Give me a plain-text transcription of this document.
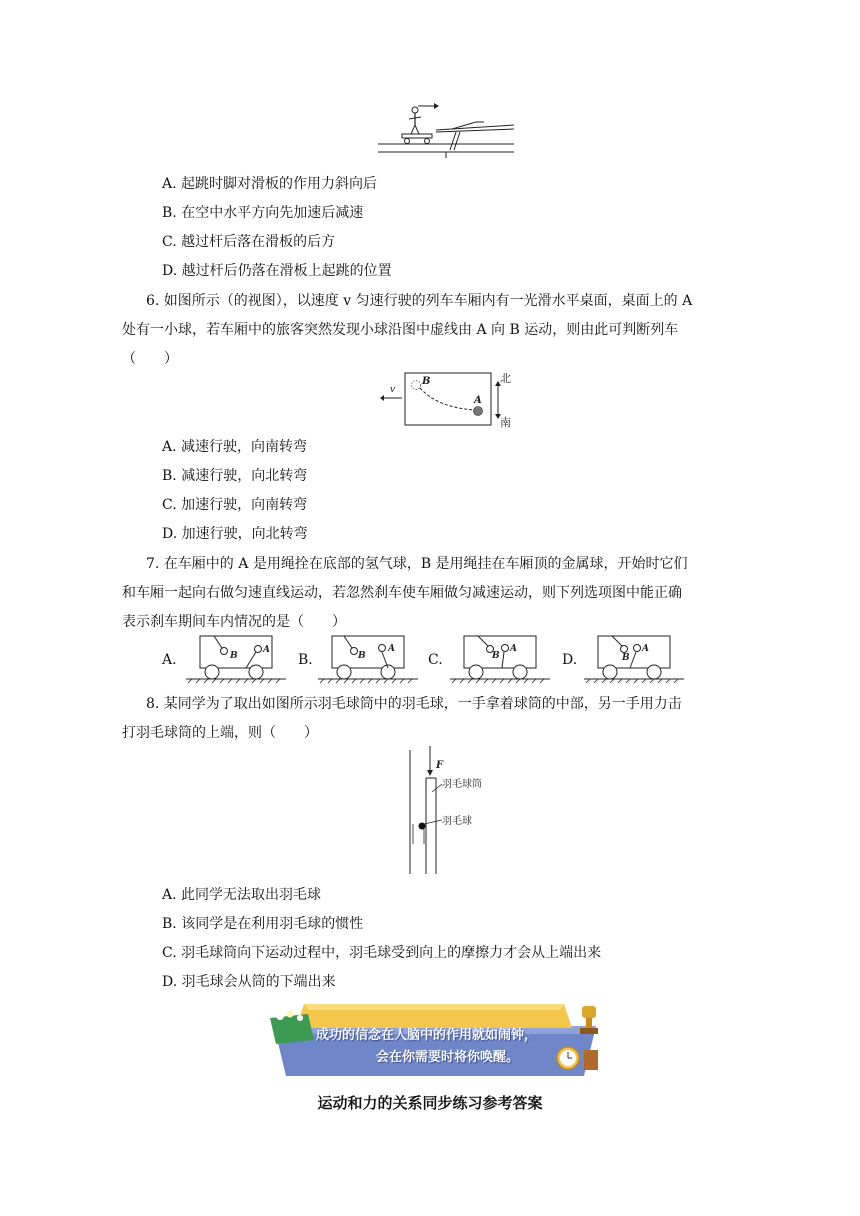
A. 起跳时脚对滑板的作用力斜向后
B. 在空中水平方向先加速后减速
C. 越过杆后落在滑板的后方
D. 越过杆后仍落在滑板上起跳的位置
6. 如图所示（的视图），以速度 v 匀速行驶的列车车厢内有一光滑水平桌面，桌面上的 A
处有一小球，若车厢中的旅客突然发现小球沿图中虚线由 A 向 B 运动，则由此可判断列车
（　　）
v
B
A
北
南
A. 减速行驶，向南转弯
B. 减速行驶，向北转弯
C. 加速行驶，向南转弯
D. 加速行驶，向北转弯
7. 在车厢中的 A 是用绳拴在底部的氢气球，B 是用绳挂在车厢顶的金属球，开始时它们
和车厢一起向右做匀速直线运动，若忽然刹车使车厢做匀减速运动，则下列选项图中能正确
表示刹车期间车内情况的是（　　）
A.	B.	C.	D.
B
A
B
A
B
A
B
A
8. 某同学为了取出如图所示羽毛球筒中的羽毛球，一手拿着球筒的中部，另一手用力击
打羽毛球筒的上端，则（　　）
F
羽毛球筒
羽毛球
A. 此同学无法取出羽毛球
B. 该同学是在利用羽毛球的惯性
C. 羽毛球筒向下运动过程中，羽毛球受到向上的摩擦力才会从上端出来
D. 羽毛球会从筒的下端出来
成功的信念在人脑中的作用就如闹钟，
会在你需要时将你唤醒。
运动和力的关系同步练习参考答案
